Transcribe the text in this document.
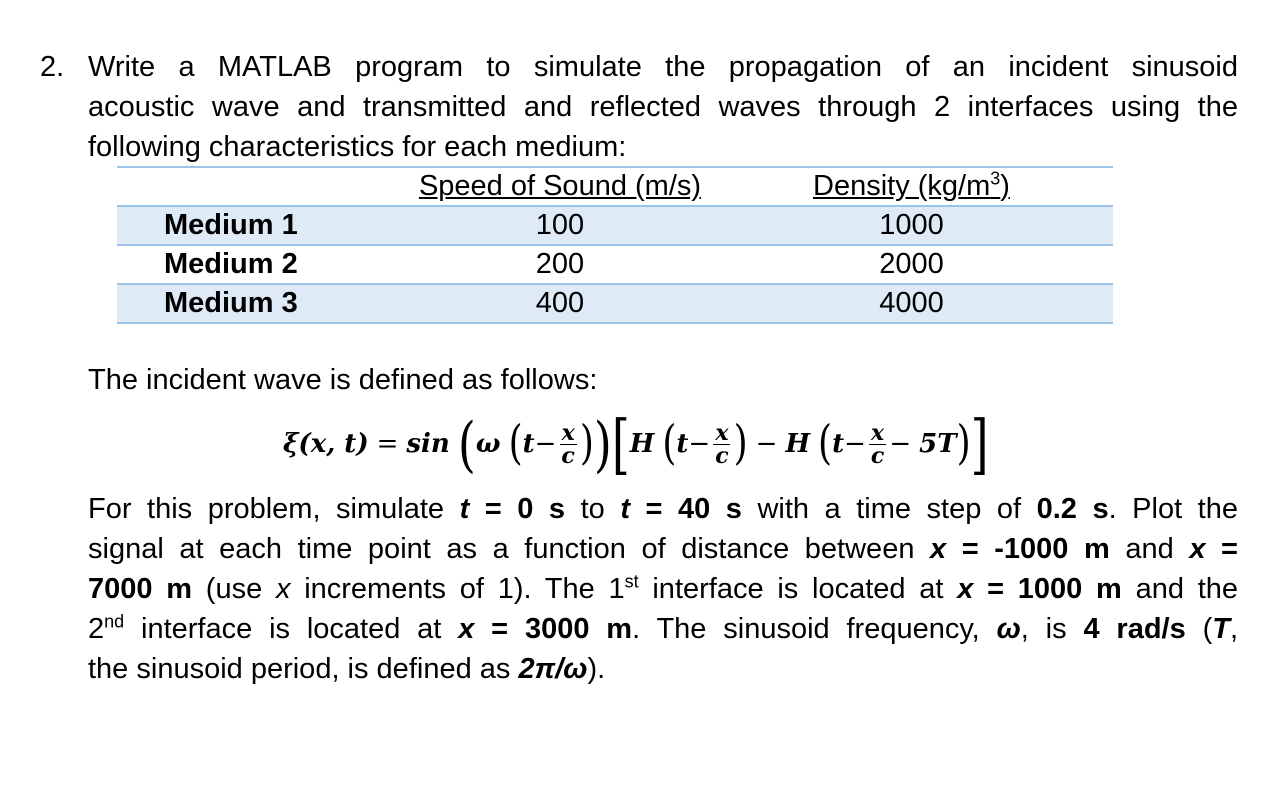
2. Write a MATLAB program to simulate the propagation of an incident sinusoid
acoustic wave and transmitted and reflected waves through 2 interfaces using the
following characteristics for each medium:
	Speed of Sound (m/s)	Density $(kg/m^3)$
Medium 1	100	1000
Medium 2	200	2000
Medium 3	400	4000
The incident wave is defined as follows:
ξ(x, t) = sin ( ω ( $t - \frac{x}{c}$ ) ) [ H ( $t - \frac{x}{c}$ ) − H ( $t - \frac{x}{c} - 5T$ ) ]
For this problem, simulate t = 0 s to t = 40 s with a time step of 0.2 s. Plot the
signal at each time point as a function of distance between x = -1000 m and x =
7000 m (use x increments of 1). The 1st interface is located at x = 1000 m and the
2nd interface is located at x = 3000 m. The sinusoid frequency, ω, is 4 rad/s (T,
the sinusoid period, is defined as 2π/ω).
